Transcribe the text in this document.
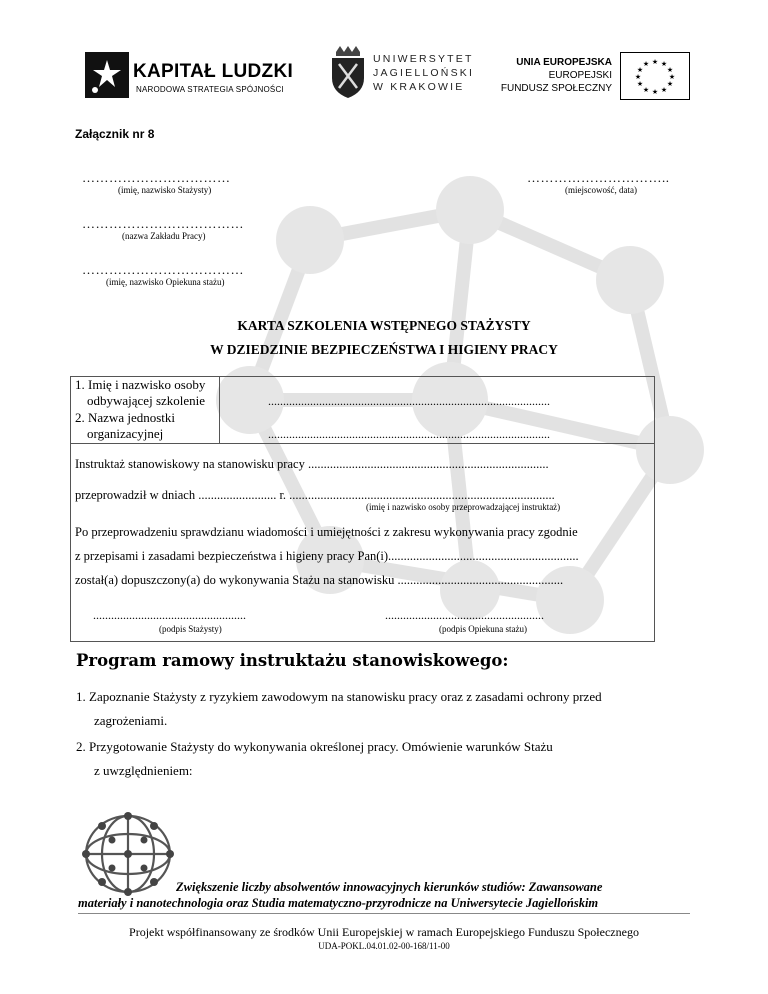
KAPITAŁ LUDZKI
NARODOWA STRATEGIA SPÓJNOŚCI
UNIWERSYTET
JAGIELLOŃSKI
W KRAKOWIE
UNIA EUROPEJSKA
EUROPEJSKI
FUNDUSZ SPOŁECZNY
★ ★
★
★
★
★
★
★
★
★
★
★
Załącznik nr 8
……………………………
(imię, nazwisko Stażysty)
…………………………..
(miejscowość, data)
………………………………
(nazwa Zakładu Pracy)
………………………………
(imię, nazwisko Opiekuna stażu)
KARTA SZKOLENIA WSTĘPNEGO STAŻYSTY
W DZIEDZINIE BEZPIECZEŃSTWA I HIGIENY PRACY
1. Imię i nazwisko osoby
odbywającej szkolenie
2. Nazwa jednostki
organizacyjnej
..............................................................................................
..............................................................................................
Instruktaż stanowiskowy na stanowisku pracy .............................................................................
przeprowadził w dniach ......................... r. .....................................................................................
(imię i nazwisko osoby przeprowadzającej instruktaż)
Po przeprowadzeniu sprawdzianu wiadomości i umiejętności z zakresu wykonywania pracy zgodnie
z przepisami i zasadami bezpieczeństwa i higieny pracy Pan(i).............................................................
został(a) dopuszczony(a) do wykonywania Stażu na stanowisku .....................................................
...................................................
(podpis Stażysty)
.....................................................
(podpis Opiekuna stażu)
Program ramowy instruktażu stanowiskowego:
1. Zapoznanie Stażysty z ryzykiem zawodowym na stanowisku pracy oraz z zasadami ochrony przed
zagrożeniami.
2. Przygotowanie Stażysty do wykonywania określonej pracy. Omówienie warunków Stażu
z uwzględnieniem:
Zwiększenie liczby absolwentów innowacyjnych kierunków studiów: Zawansowane
materiały i nanotechnologia oraz Studia matematyczno-przyrodnicze na Uniwersytecie Jagiellońskim
Projekt współfinansowany ze środków Unii Europejskiej w ramach Europejskiego Funduszu Społecznego
UDA-POKL.04.01.02-00-168/11-00
